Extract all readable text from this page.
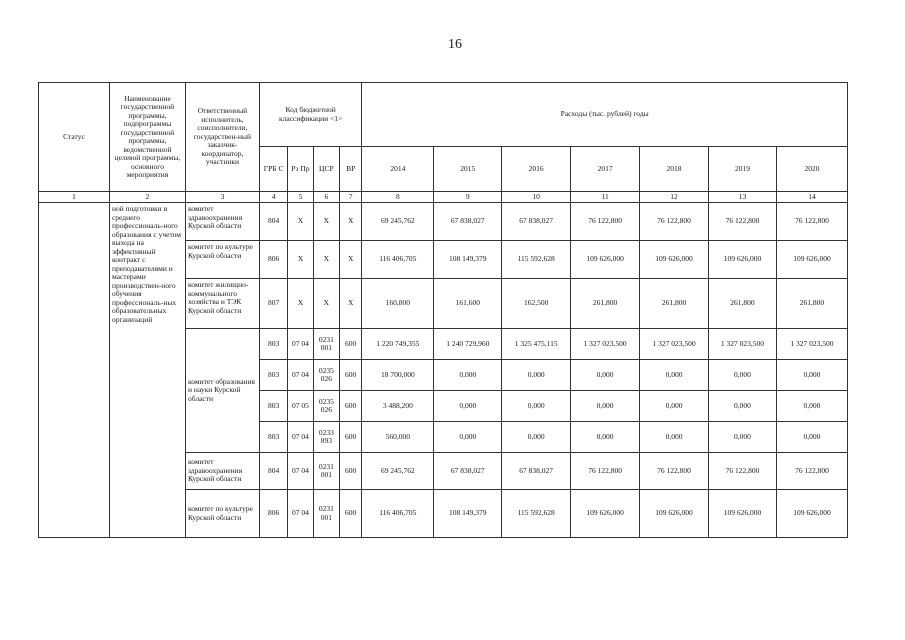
16
Статус	Наименование государственной программы, подпрограммы государственной программы, ведомственной целевой программы, основного мероприятия	Ответственный исполнитель, соисполнители, государствен-ный заказчик-координатор, участники	Код бюджетной классификации <1>				Расходы (тыс. рублей) годы						
			ГРБ С	Рз Пр	ЦСР	ВР	2014	2015	2016	2017	2018	2019	2020
1	2	3	4	5	6	7	8	9	10	11	12	13	14
	ной подготовки и среднего профессиональ-ного образования с учетом выхода на эффективный контракт с преподавателями и мастерами производствен-ного обучения профессиональ-ных образовательных организаций	комитет здравоохранения Курской области	804	X	X	X	69 245,762	67 838,027	67 838,027	76 122,800	76 122,800	76 122,800	76 122,800
		комитет по культуре Курской области	806	X	X	X	116 406,705	108 149,379	115 592,628	109 626,000	109 626,000	109 626,000	109 626,000
		комитет жилищно-коммунального хозяйства и ТЭК Курской области	807	X	X	X	160,800	161,600	162,500	261,800	261,800	261,800	261,800
		комитет образования и науки Курской области	803	07 04	0231 001	600	1 220 749,355	1 240 729,960	1 325 475,115	1 327 023,500	1 327 023,500	1 327 023,500	1 327 023,500
			803	07 04	0235 026	600	18 700,000	0,000	0,000	0,000	0,000	0,000	0,000
			803	07 05	0235 026	600	3 488,200	0,000	0,000	0,000	0,000	0,000	0,000
			803	07 04	0233 893	600	560,000	0,000	0,000	0,000	0,000	0,000	0,000
		комитет здравоохранения Курской области	804	07 04	0231 001	600	69 245,762	67 838,027	67 838,027	76 122,800	76 122,800	76 122,800	76 122,800
		комитет по культуре Курской области	806	07 04	0231 001	600	116 406,705	108 149,379	115 592,628	109 626,000	109 626,000	109 626,000	109 626,000
